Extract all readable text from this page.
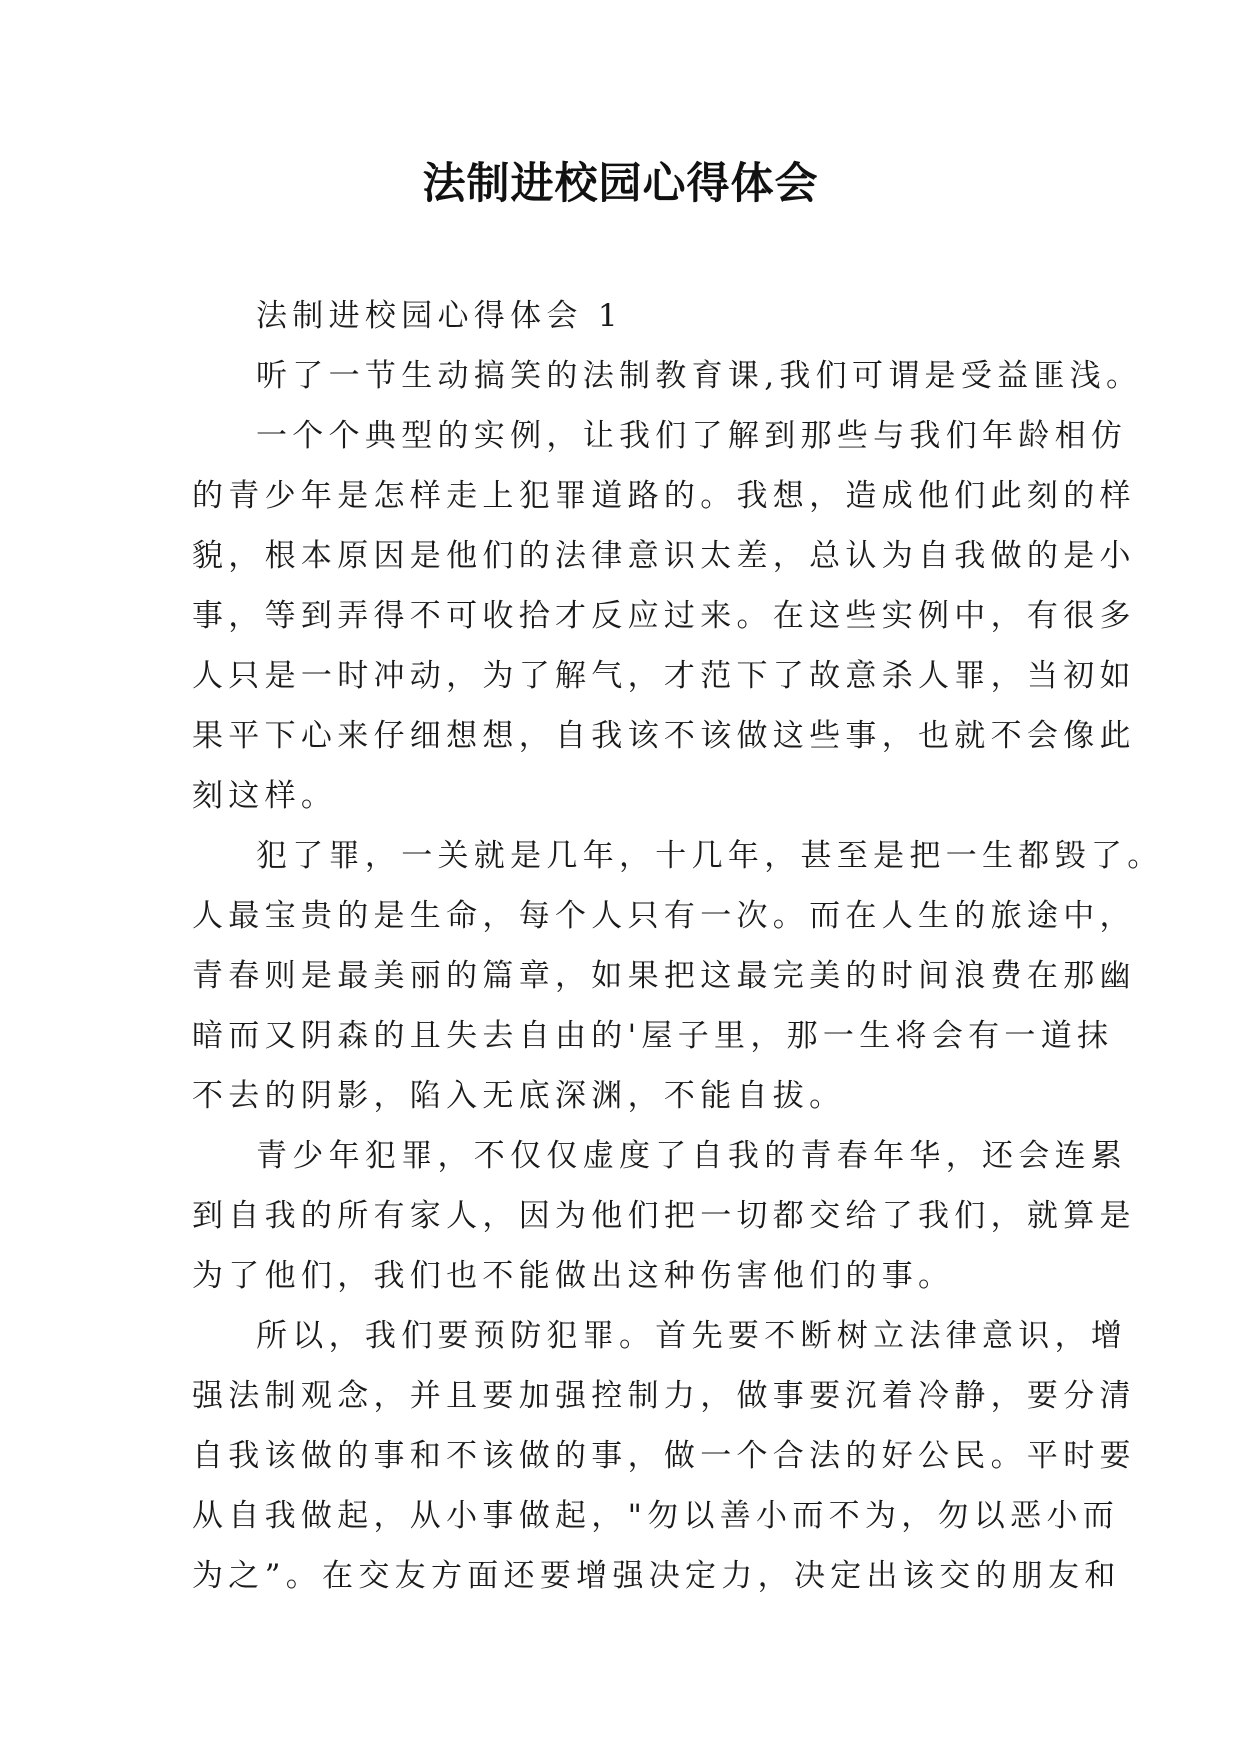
法制进校园心得体会
法制进校园心得体会 1
听了一节生动搞笑的法制教育课,我们可谓是受益匪浅。
一个个典型的实例，让我们了解到那些与我们年龄相仿
的青少年是怎样走上犯罪道路的。我想，造成他们此刻的样
貌，根本原因是他们的法律意识太差，总认为自我做的是小
事，等到弄得不可收拾才反应过来。在这些实例中，有很多
人只是一时冲动，为了解气，才范下了故意杀人罪，当初如
果平下心来仔细想想，自我该不该做这些事，也就不会像此
刻这样。
犯了罪，一关就是几年，十几年，甚至是把一生都毁了。
人最宝贵的是生命，每个人只有一次。而在人生的旅途中，
青春则是最美丽的篇章，如果把这最完美的时间浪费在那幽
暗而又阴森的且失去自由的'屋子里，那一生将会有一道抹
不去的阴影，陷入无底深渊，不能自拔。
青少年犯罪，不仅仅虚度了自我的青春年华，还会连累
到自我的所有家人，因为他们把一切都交给了我们，就算是
为了他们，我们也不能做出这种伤害他们的事。
所以，我们要预防犯罪。首先要不断树立法律意识，增
强法制观念，并且要加强控制力，做事要沉着冷静，要分清
自我该做的事和不该做的事，做一个合法的好公民。平时要
从自我做起，从小事做起，"勿以善小而不为，勿以恶小而
为之”。在交友方面还要增强决定力，决定出该交的朋友和
